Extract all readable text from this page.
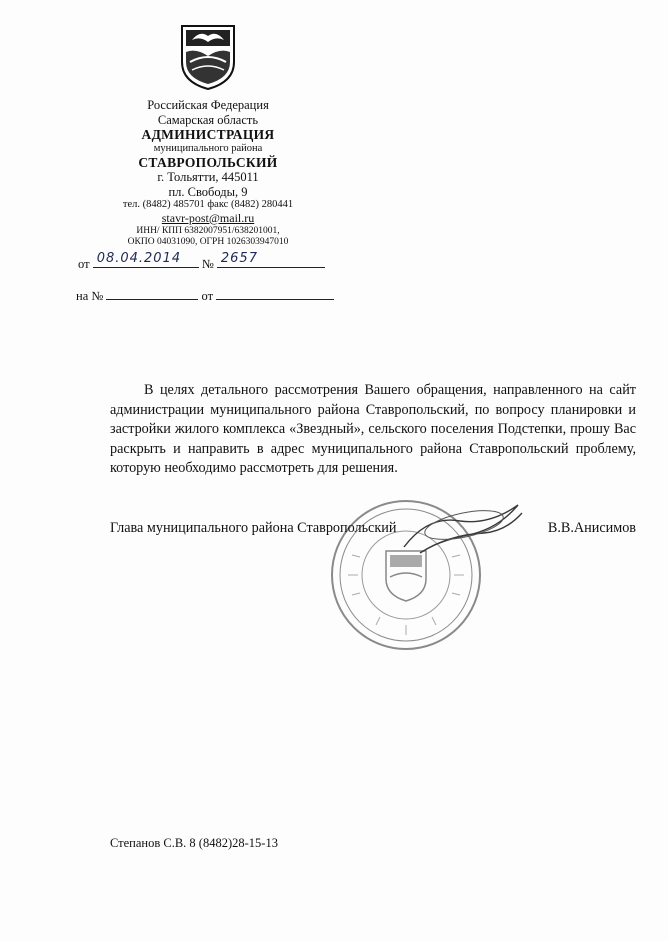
Российская Федерация
Самарская область
АДМИНИСТРАЦИЯ
муниципального района
СТАВРОПОЛЬСКИЙ
г. Тольятти, 445011
пл. Свободы, 9
тел. (8482) 485701 факс (8482) 280441
stavr-post@mail.ru
ИНН/ КПП 6382007951/638201001,
ОКПО 04031090, ОГРН 1026303947010
от 08.04.2014 № 2657
на №	от

В целях детального рассмотрения Вашего обращения, направленного на сайт администрации муниципального района Ставропольский, по вопросу планировки и застройки жилого комплекса «Звездный», сельского поселения Подстепки, прошу Вас раскрыть и направить в адрес муниципального района Ставропольский проблему, которую необходимо рассмотреть для решения.

Глава муниципального района Ставропольский	В.В.Анисимов
Степанов С.В. 8 (8482)28-15-13
